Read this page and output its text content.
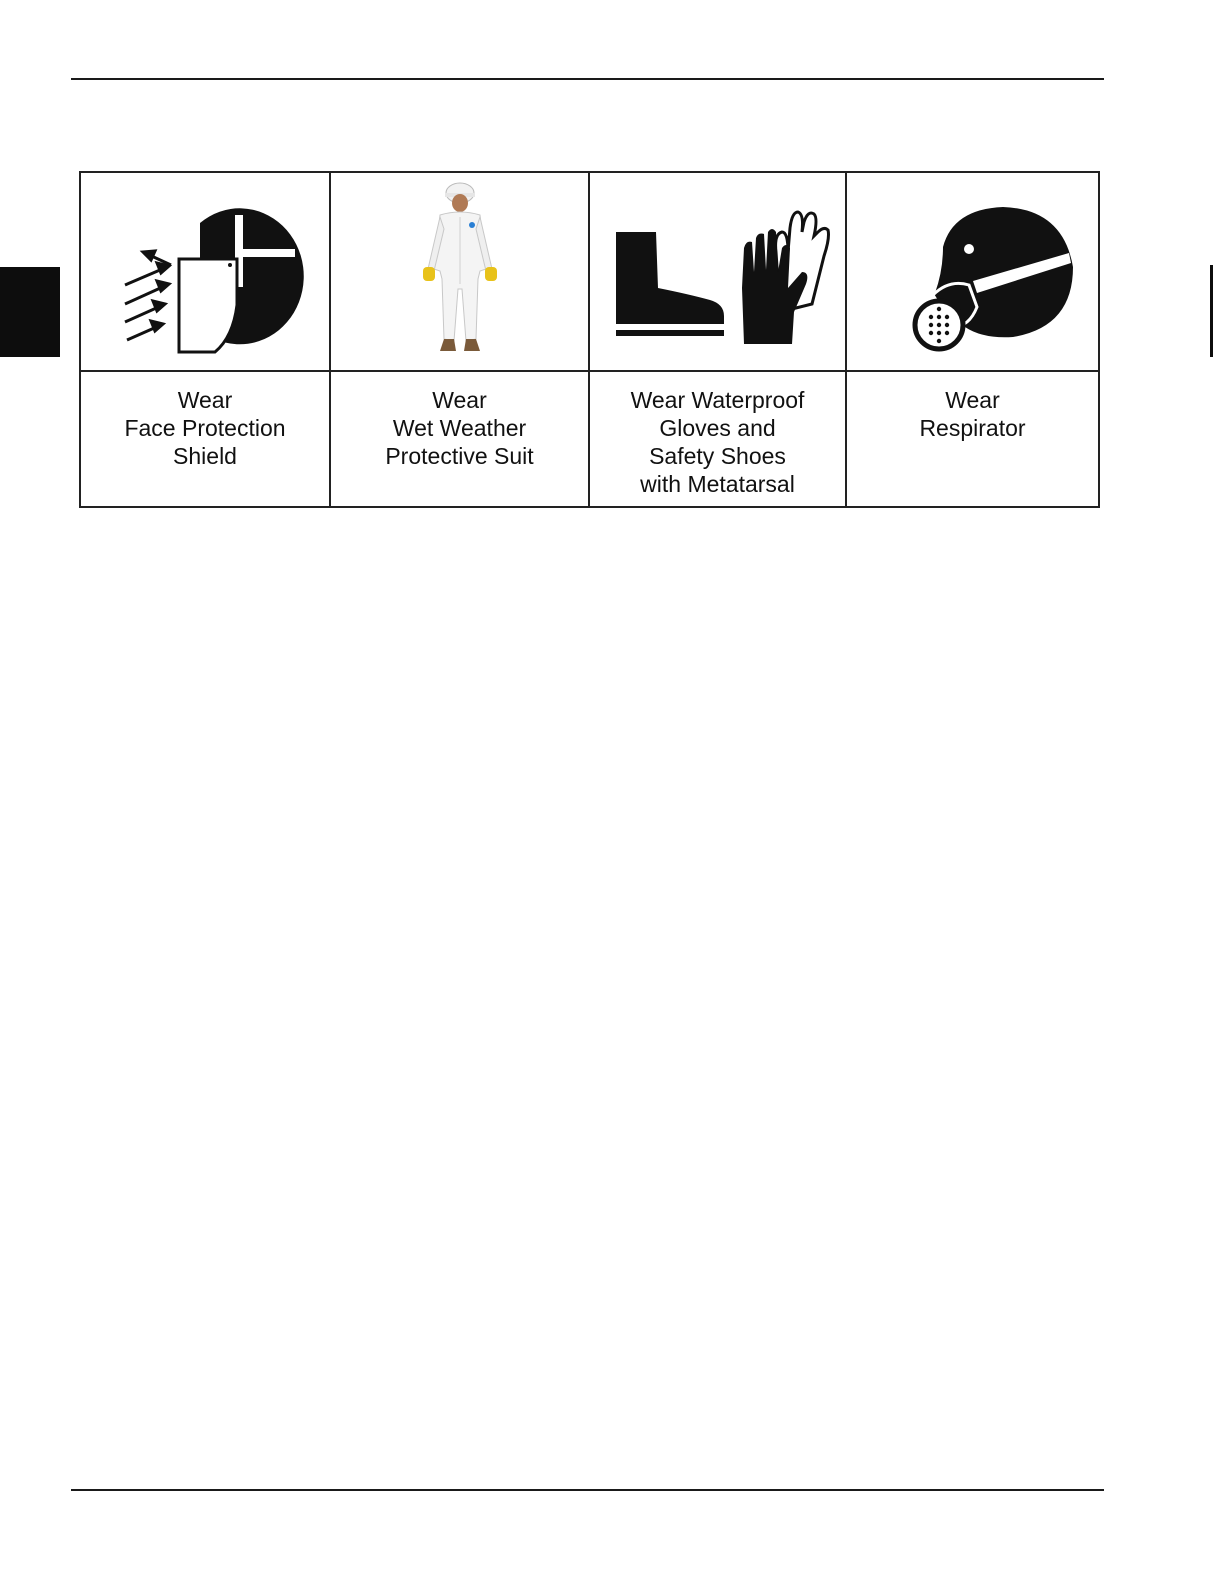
Wear
Face Protection
Shield
Wear
Wet Weather
Protective Suit
Wear Waterproof
Gloves and
Safety Shoes
with Metatarsal
Wear
Respirator
